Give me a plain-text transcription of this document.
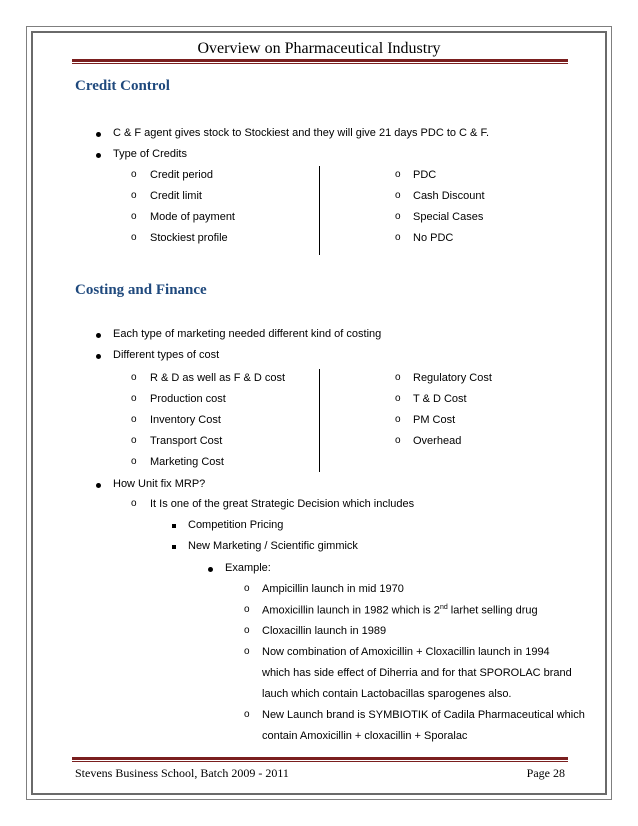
Overview on Pharmaceutical Industry
Credit Control
C & F agent gives stock to Stockiest and they will give 21 days PDC to C & F.
Type of Credits
o Credit period
o Credit limit
o Mode of payment
o Stockiest profile
o PDC
o Cash Discount
o Special Cases
o No PDC
Costing and Finance
Each type of marketing needed different kind of costing
Different types of cost
o R & D as well as F & D cost
o Production cost
o Inventory Cost
o Transport Cost
o Marketing Cost
o Regulatory Cost
o T & D Cost
o PM Cost
o Overhead
How Unit fix MRP?
o It Is one of the great Strategic Decision which includes
Competition Pricing
New Marketing / Scientific gimmick
Example:
o Ampicillin launch in mid 1970
o Amoxicillin launch in 1982 which is 2nd larhet selling drug
o Cloxacillin launch in 1989
o Now combination of Amoxicillin + Cloxacillin launch in 1994
which has side effect of Diherria and for that SPOROLAC brand
lauch which contain Lactobacillas sparogenes also.
o New Launch brand is SYMBIOTIK of Cadila Pharmaceutical which
contain Amoxicillin + cloxacillin + Sporalac
Stevens Business School, Batch 2009 - 2011	Page 28
